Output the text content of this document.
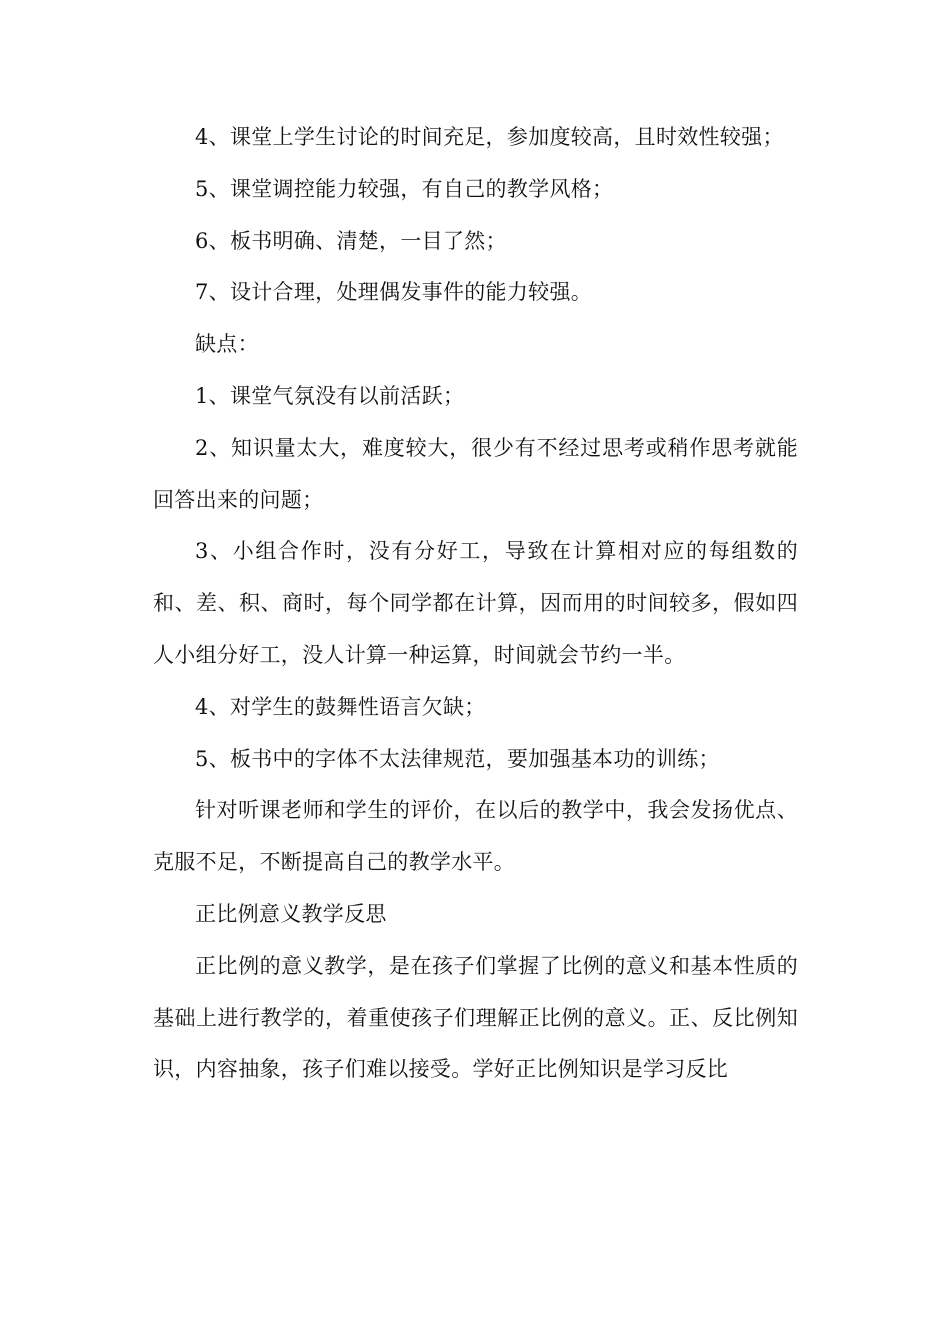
4、课堂上学生讨论的时间充足，参加度较高，且时效性较强；

5、课堂调控能力较强，有自己的教学风格；

6、板书明确、清楚，一目了然；

7、设计合理，处理偶发事件的能力较强。

缺点：

1、课堂气氛没有以前活跃；

2、知识量太大，难度较大，很少有不经过思考或稍作思考就能回答出来的问题；

3、小组合作时，没有分好工，导致在计算相对应的每组数的和、差、积、商时，每个同学都在计算，因而用的时间较多，假如四人小组分好工，没人计算一种运算，时间就会节约一半。

4、对学生的鼓舞性语言欠缺；

5、板书中的字体不太法律规范，要加强基本功的训练；

针对听课老师和学生的评价，在以后的教学中，我会发扬优点、克服不足，不断提高自己的教学水平。

正比例意义教学反思

正比例的意义教学，是在孩子们掌握了比例的意义和基本性质的基础上进行教学的，着重使孩子们理解正比例的意义。正、反比例知识，内容抽象，孩子们难以接受。学好正比例知识是学习反比
